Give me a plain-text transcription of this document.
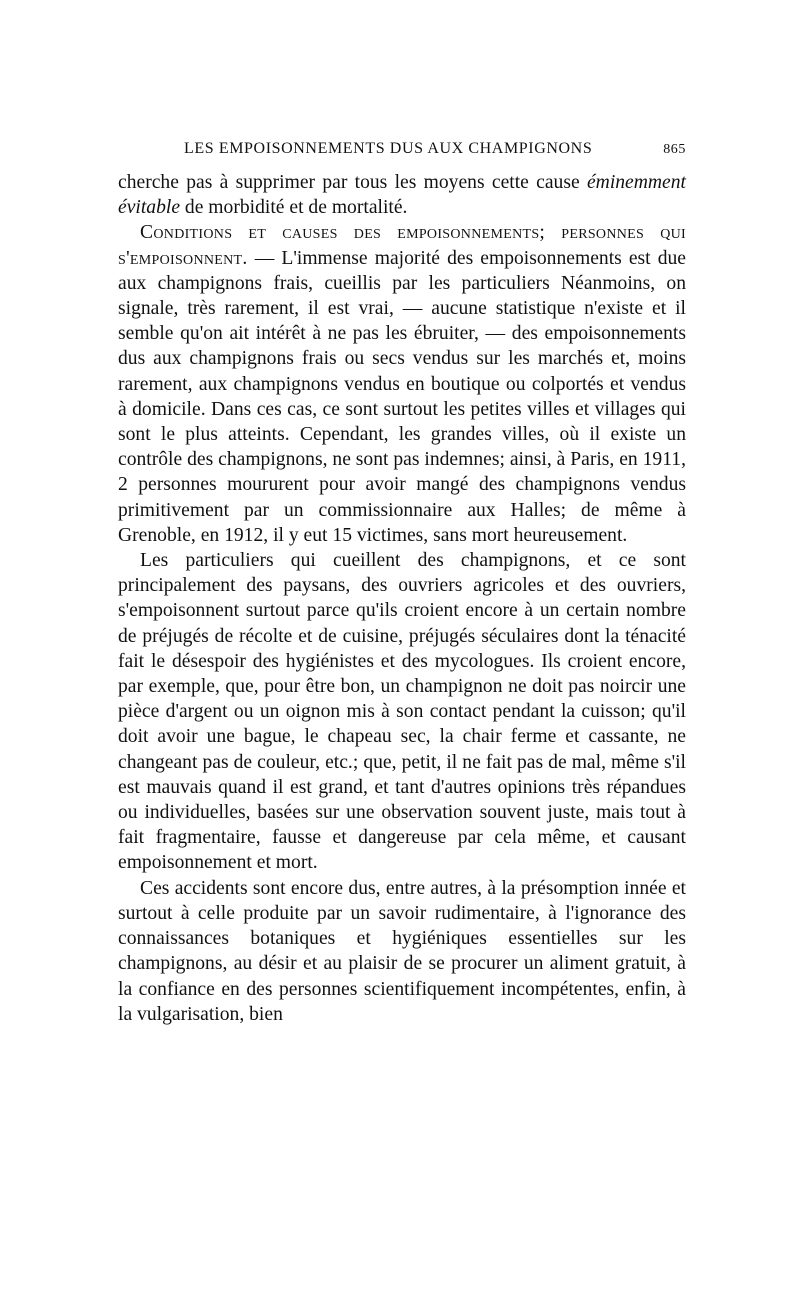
LES EMPOISONNEMENTS DUS AUX CHAMPIGNONS	865

cherche pas à supprimer par tous les moyens cette cause éminemment évitable de morbidité et de mortalité.

Conditions et causes des empoisonnements; personnes qui s'empoisonnent. — L'immense majorité des empoisonnements est due aux champignons frais, cueillis par les particuliers Néanmoins, on signale, très rarement, il est vrai, — aucune statistique n'existe et il semble qu'on ait intérêt à ne pas les ébruiter, — des empoisonnements dus aux champignons frais ou secs vendus sur les marchés et, moins rarement, aux champignons vendus en boutique ou colportés et vendus à domicile. Dans ces cas, ce sont surtout les petites villes et villages qui sont le plus atteints. Cependant, les grandes villes, où il existe un contrôle des champignons, ne sont pas indemnes; ainsi, à Paris, en 1911, 2 personnes moururent pour avoir mangé des champignons vendus primitivement par un commissionnaire aux Halles; de même à Grenoble, en 1912, il y eut 15 victimes, sans mort heureusement.

Les particuliers qui cueillent des champignons, et ce sont principalement des paysans, des ouvriers agricoles et des ouvriers, s'empoisonnent surtout parce qu'ils croient encore à un certain nombre de préjugés de récolte et de cuisine, préjugés séculaires dont la ténacité fait le désespoir des hygiénistes et des mycologues. Ils croient encore, par exemple, que, pour être bon, un champignon ne doit pas noircir une pièce d'argent ou un oignon mis à son contact pendant la cuisson; qu'il doit avoir une bague, le chapeau sec, la chair ferme et cassante, ne changeant pas de couleur, etc.; que, petit, il ne fait pas de mal, même s'il est mauvais quand il est grand, et tant d'autres opinions très répandues ou individuelles, basées sur une observation souvent juste, mais tout à fait fragmentaire, fausse et dangereuse par cela même, et causant empoisonnement et mort.

Ces accidents sont encore dus, entre autres, à la présomption innée et surtout à celle produite par un savoir rudimentaire, à l'ignorance des connaissances botaniques et hygiéniques essentielles sur les champignons, au désir et au plaisir de se procurer un aliment gratuit, à la confiance en des personnes scientifiquement incompétentes, enfin, à la vulgarisation, bien
